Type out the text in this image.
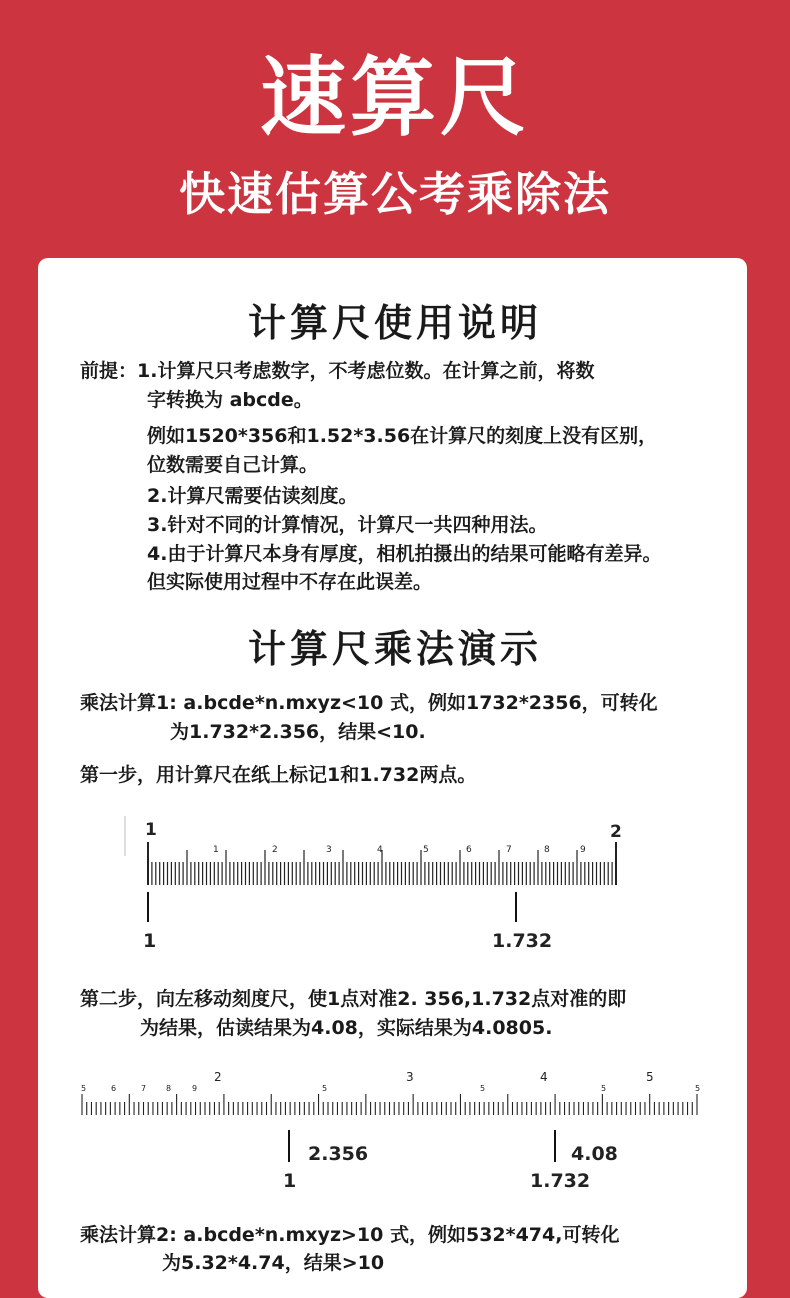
速算尺
快速估算公考乘除法
计算尺使用说明
前提：1.计算尺只考虑数字，不考虑位数。在计算之前，将数
字转换为 abcde。
例如1520*356和1.52*3.56在计算尺的刻度上没有区别，
位数需要自己计算。
2.计算尺需要估读刻度。
3.针对不同的计算情况，计算尺一共四种用法。
4.由于计算尺本身有厚度，相机拍摄出的结果可能略有差异。
但实际使用过程中不存在此误差。
计算尺乘法演示
乘法计算1: a.bcde*n.mxyz<10 式，例如1732*2356，可转化
为1.732*2.356，结果<10.
第一步，用计算尺在纸上标记1和1.732两点。
1	2
1	2	3	4	5	6	7	8	9
1	1.732
第二步，向左移动刻度尺，使1点对准2. 356,1.732点对准的即
为结果，估读结果为4.08，实际结果为4.0805.
2	3	4	5
5	6	7 8	9	5	5	5	5
2.356	4.08
1	1.732
乘法计算2: a.bcde*n.mxyz>10 式，例如532*474,可转化
为5.32*4.74，结果>10
